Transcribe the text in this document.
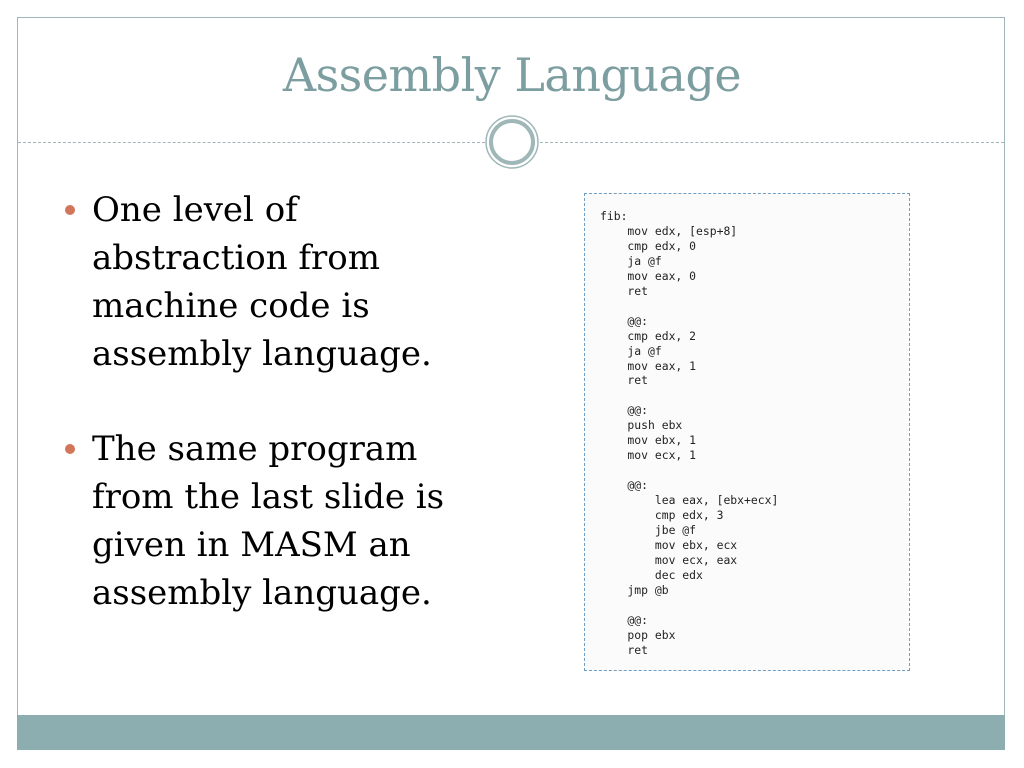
Assembly Language
One level of abstraction from machine code is assembly language.
The same program from the last slide is given in MASM an assembly language.
fib:
mov edx, [esp+8]
cmp edx, 0
ja @f
mov eax, 0
ret

@@:
cmp edx, 2
ja @f
mov eax, 1
ret

@@:
push ebx
mov ebx, 1
mov ecx, 1

@@:
lea eax, [ebx+ecx]
cmp edx, 3
jbe @f
mov ebx, ecx
mov ecx, eax
dec edx
jmp @b

@@:
pop ebx
ret
